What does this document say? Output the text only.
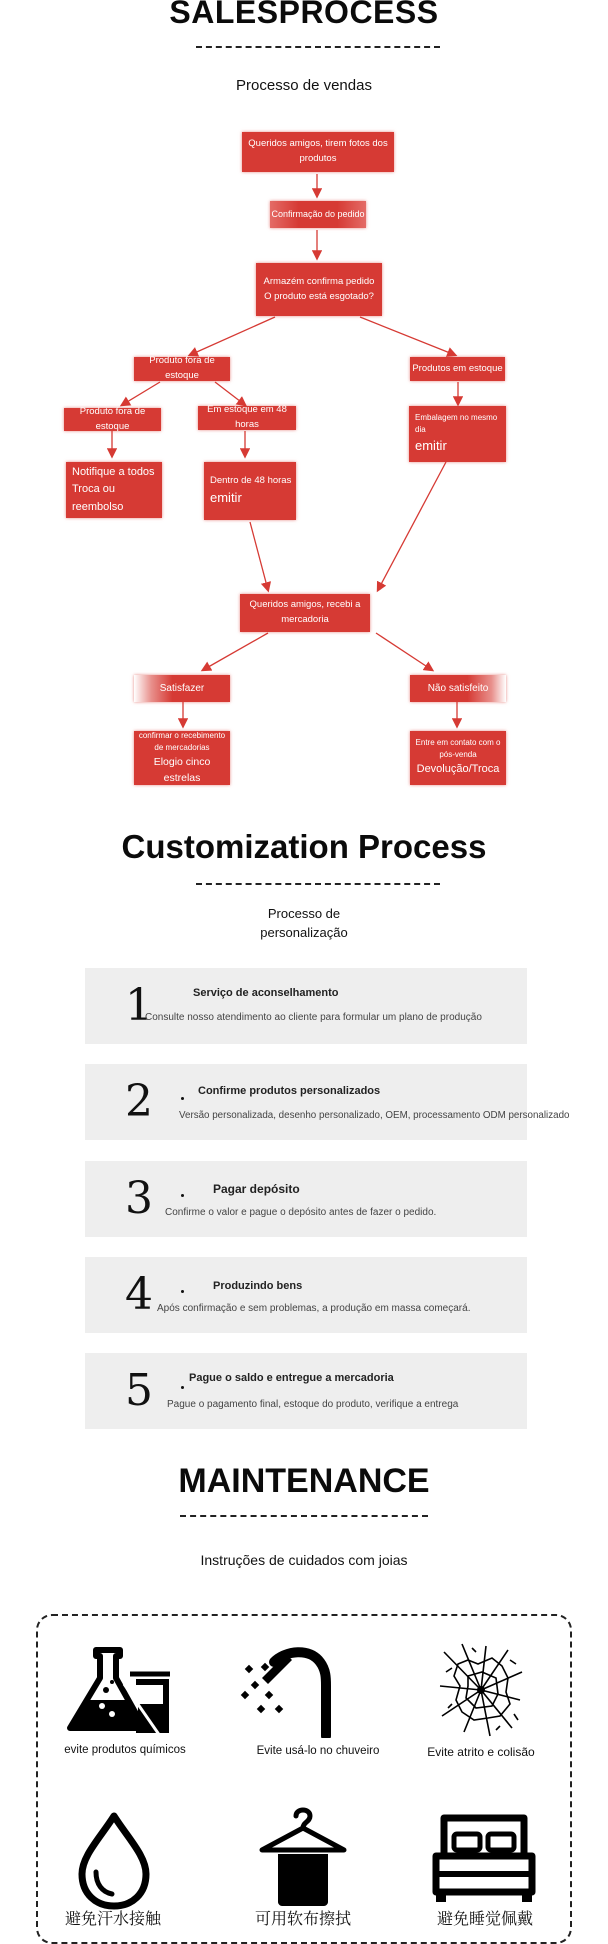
SALESPROCESS
Processo de vendas
Queridos amigos, tirem fotos dos produtos
Confirmação do pedido
Armazém confirma pedido
O produto está esgotado?
Produto fora de estoque
Produtos em estoque
Produto fora de estoque
Em estoque em 48 horas
Embalagem no mesmo dia
emitir
Notifique a todos
Troca ou reembolso
Dentro de 48 horas
emitir
Queridos amigos, recebi a mercadoria
Satisfazer	Não satisfeito
confirmar o recebimento de mercadorias
Elogio cinco estrelas
Entre em contato com o pós-venda
Devolução/Troca
Customization Process
Processo de
personalização
1	Serviço de aconselhamento
Consulte nosso atendimento ao cliente para formular um plano de produção
2	Confirme produtos personalizados
Versão personalizada, desenho personalizado, OEM, processamento ODM personalizado
3	Pagar depósito
Confirme o valor e pague o depósito antes de fazer o pedido.
4	Produzindo bens
Após confirmação e sem problemas, a produção em massa começará.
5	Pague o saldo e entregue a mercadoria
Pague o pagamento final, estoque do produto, verifique a entrega
MAINTENANCE
Instruções de cuidados com joias
evite produtos químicos	Evite usá-lo no chuveiro	Evite atrito e colisão
避免汗水接触	可用软布擦拭	避免睡觉佩戴
